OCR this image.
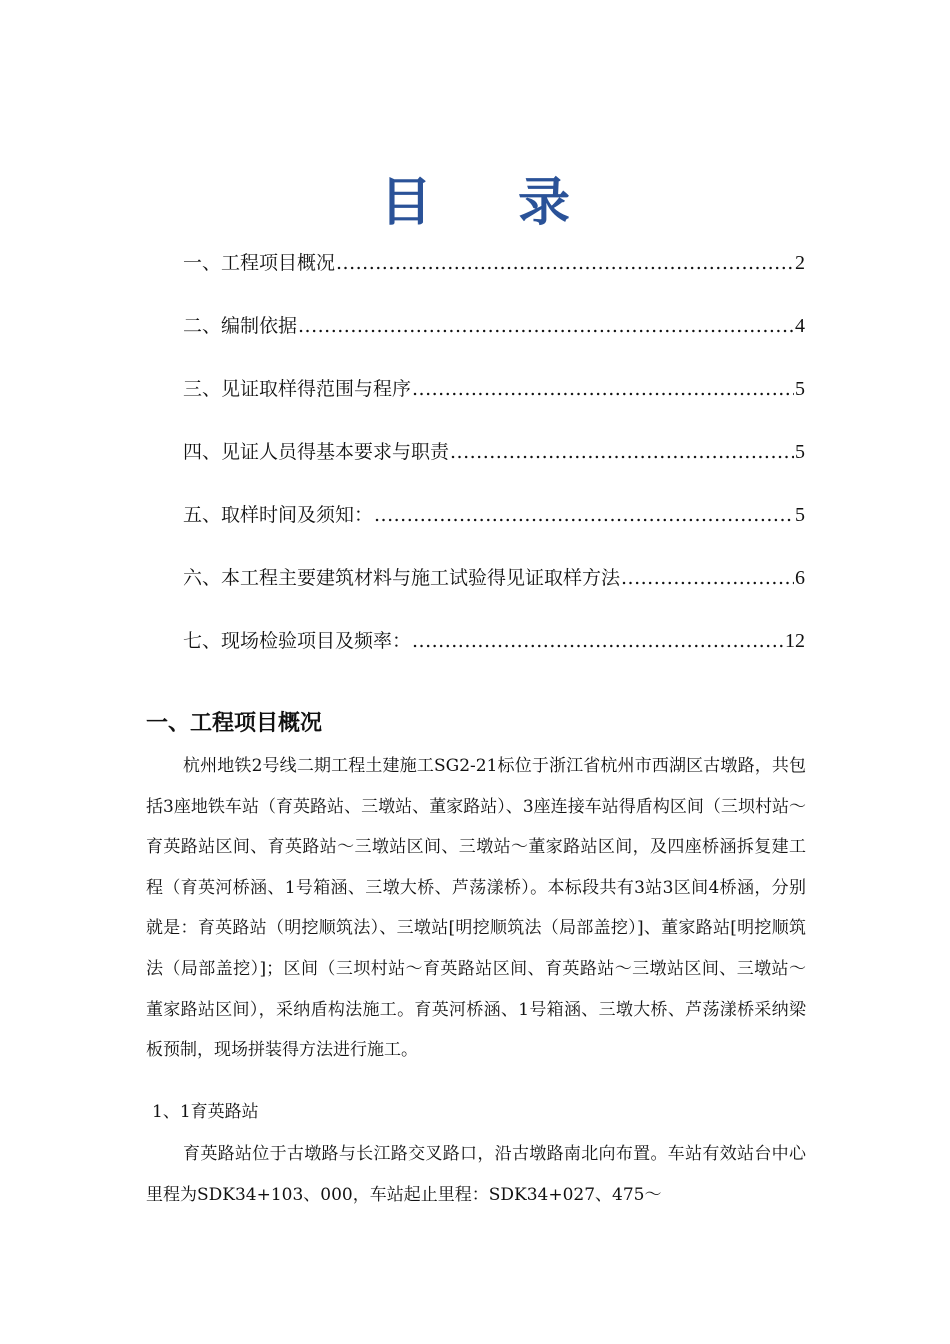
目 录
一、工程项目概况 .....	2
二、编制依据 .....	4
三、见证取样得范围与程序 .....	5
四、见证人员得基本要求与职责 .....	5
五、取样时间及须知： .....	5
六、本工程主要建筑材料与施工试验得见证取样方法 .....	6
七、现场检验项目及频率： .....	12
一、工程项目概况
杭州地铁2号线二期工程土建施工SG2-21标位于浙江省杭州市西湖区古墩路，共包括3座地铁车站（育英路站、三墩站、董家路站）、3座连接车站得盾构区间（三坝村站～育英路站区间、育英路站～三墩站区间、三墩站～董家路站区间，及四座桥涵拆复建工程（育英河桥涵、1号箱涵、三墩大桥、芦荡漾桥）。本标段共有3站3区间4桥涵，分别就是：育英路站（明挖顺筑法）、三墩站[明挖顺筑法（局部盖挖）]、董家路站[明挖顺筑法（局部盖挖）]；区间（三坝村站～育英路站区间、育英路站～三墩站区间、三墩站～董家路站区间），采纳盾构法施工。育英河桥涵、1号箱涵、三墩大桥、芦荡漾桥采纳梁板预制，现场拼装得方法进行施工。
1、1育英路站
育英路站位于古墩路与长江路交叉路口，沿古墩路南北向布置。车站有效站台中心里程为SDK34+103、000，车站起止里程：SDK34+027、475～
